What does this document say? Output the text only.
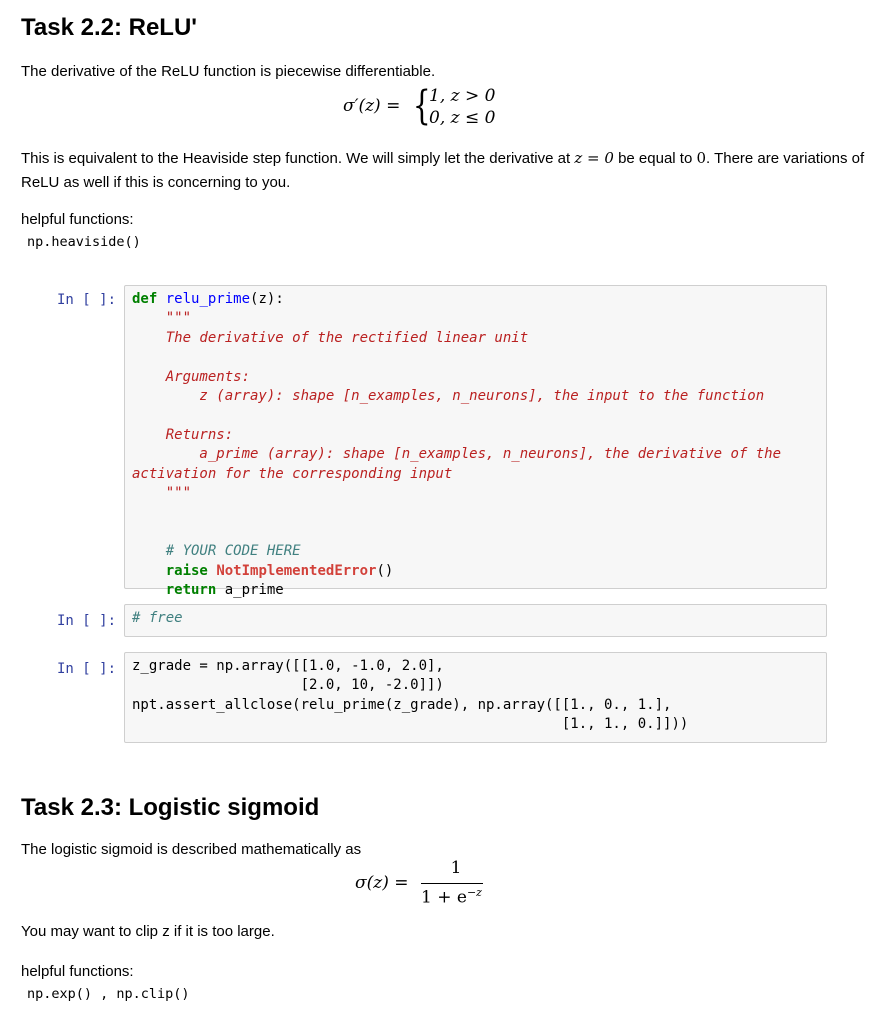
Task 2.2: ReLU'

The derivative of the ReLU function is piecewise differentiable.

σ′(z) = {
1, z > 0
0, z ≤ 0

This is equivalent to the Heaviside step function. We will simply let the derivative at z = 0 be equal to 0. There are variations of ReLU as well if this is concerning to you.

helpful functions:

np.heaviside()
In [ ]: def relu_prime(z):
"""
The derivative of the rectified linear unit

Arguments:
z (array): shape [n_examples, n_neurons], the input to the function

Returns:
a_prime (array): shape [n_examples, n_neurons], the derivative of the
activation for the corresponding input
"""

# YOUR CODE HERE
raise NotImplementedError()
return a_prime
In [ ]: # free
In [ ]: z_grade = np.array([[1.0, -1.0, 2.0],
[2.0, 10, -2.0]])
npt.assert_allclose(relu_prime(z_grade), np.array([[1., 0., 1.],
[1., 1., 0.]]))
Task 2.3: Logistic sigmoid

The logistic sigmoid is described mathematically as

σ(z) =
1
$1 + e^{-z}$

You may want to clip z if it is too large.

helpful functions:

np.exp() , np.clip()
